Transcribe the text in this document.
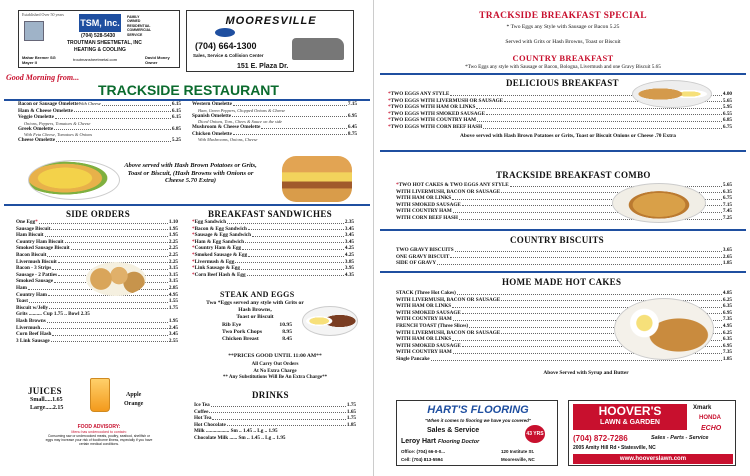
Established Over 50 years
TSM, Inc.
(704) 528-5430
TROUTMAN SHEETMETAL, INC
HEATING & COOLING
FAMILY
OWNED
RESIDENTIAL
COMMERCIAL
SERVICE
Mahar Bremer SG Mayer II
David Money Owner
troutmansheetmetal.com
MOORESVILLE
(704) 664-1300
Sales, Service & Collision Center
151 E. Plaza Dr.
Good Morning from...
TRACKSIDE RESTAURANT
Bacon or Sausage Omelette With Cheese	6.15
Ham & Cheese Omelette	6.15
Veggie Omelette	6.15
Onions, Peppers, Tomatoes & Cheese
Greek Omelette	6.85
With Feta Cheese, Tomatoes & Onions
Cheese Omelette	5.25
Western Omelette	7.15
Ham, Green Peppers, Chopped Onions & Cheese
Spanish Omelette	6.95
Diced Onions, Tom., Chees & Sauce on the side
Mushroom & Cheese Omelette	6.45
Chicken Omelette	8.75
With Mushrooms, Onions, Cheese
Above served with Hash Brown Potatoes or Grits, Toast or Biscuit, (Hash Browns with Onions or Cheese 5.70 Extra)
SIDE ORDERS
One Egg *	1.10
Sausage Biscuit	1.95
Ham Biscuit	1.95
Country Ham Biscuit	2.25
Smoked Sausage Biscuit	2.25
Bacon Biscuit	2.25
Livermush Biscuit	2.25
Bacon - 3 Strips	3.15
Sausage - 2 Patties	3.15
Smoked Sausage	3.15
Ham	2.85
Country Ham	4.95
Toast	1.55
Biscuit w/Jelly	1.75
Grits .......... Cup 1.75 .. Bowl 2.35
Hash Browns	1.95
Livermush	2.45
Corn Beef Hash	3.45
3 Link Sausage	2.55
JUICES
Small.....1.65
Large.....2.15
Apple
Orange
FOOD ADVISORY:
Menu has undercooked to contain:
Consuming raw or undercooked meats, poultry, seafood, shellfish or eggs may increase your risk of foodborne illness, especially if you have certain medical conditions.
BREAKFAST SANDWICHES
* Egg Sandwich	2.35
* Bacon & Egg Sandwich	3.45
* Sausage & Egg Sandwich	3.45
* Ham & Egg Sandwich	3.45
* Country Ham & Egg	4.25
* Smoked Sausage & Egg	4.25
* Livermush & Egg	3.85
* Link Sausage & Egg	3.95
* Corn Beef Hash & Egg	4.35
STEAK AND EGGS
Two *Eggs served any style with Grits or
Hash Browns,
Toast or Biscuit
Rib Eye	10.95
Two Pork Chops	8.95
Chicken Breast	8.45
**PRICES GOOD UNTIL 11:00 AM**
All Carry Out Orders
At No Extra Charge
** Any Substitutions Will Be An Extra Charge**
DRINKS
Ice Tea	1.75
Coffee	1.65
Hot Tea	1.75
Hot Chocolate	1.85
Milk .................. Sm .. 1.45 .. Lg .. 1.95
Chocolate Milk ...... Sm .. 1.45 .. Lg .. 1.95
TRACKSIDE BREAKFAST SPECIAL
* Two Eggs any Style with Sausage or Bacon 5.25
Served with Grits or Hash Browns, Toast or Biscuit
COUNTRY BREAKFAST
*Two Eggs any style with Sausage or Bacon, Bologna, Livermush and one Gravy Biscuit 5.65
DELICIOUS BREAKFAST
* TWO EGGS ANY STYLE	4.00
* TWO EGGS WITH LIVERMUSH OR SAUSAGE	5.65
* TWO EGGS WITH HAM OR LINKS	5.95
* TWO EGGS WITH SMOKED SAUSAGE	6.55
* TWO EGGS WITH COUNTRY HAM	6.85
* TWO EGGS WITH CORN BEEF HASH	6.75
Above served with Hash Brown Potatoes or Grits, Toast or Biscuit Onions or Cheese .70 Extra
TRACKSIDE BREAKFAST COMBO
* TWO HOT CAKES & TWO EGGS ANY STYLE	5.65
WITH LIVERMUSH, BACON OR SAUSAGE	6.35
WITH HAM OR LINKS	6.75
WITH SMOKED SAUSAGE	7.15
WITH COUNTRY HAM	7.45
WITH CORN BEEF HASH	7.25
COUNTRY BISCUITS
TWO GRAVY BISCUITS	3.65
ONE GRAVY BISCUIT	2.65
SIDE OF GRAVY	1.85
HOME MADE HOT CAKES
STACK (Three Hot Cakes)	4.85
WITH LIVERMUSH, BACON OR SAUSAGE	6.25
WITH HAM OR LINKS	6.35
WITH SMOKED SAUSAGE	6.95
WITH COUNTRY HAM	7.35
FRENCH TOAST (Three Slices)	4.95
WITH LIVERMUSH, BACON OR SAUSAGE	6.25
WITH HAM OR LINKS	6.35
WITH SMOKED SAUSAGE	6.95
WITH COUNTRY HAM	7.35
Single Pancake	1.85
Above Served with Syrup and Butter
HART'S FLOORING
"When it comes to flooring we have you covered"
Sales & Service	43 YRS
Leroy Hart Flooring Doctor
Office: (704) 66-0-0...
Cell: (704) 813-5594
120 Institute St.
Mooresville, NC
HOOVER'S
LAWN & GARDEN
Xmark
HONDA
ECHO
(704) 872-7286	Sales - Parts - Service
2005 Amity Hill Rd • Statesville, NC
www.hooverslawn.com
